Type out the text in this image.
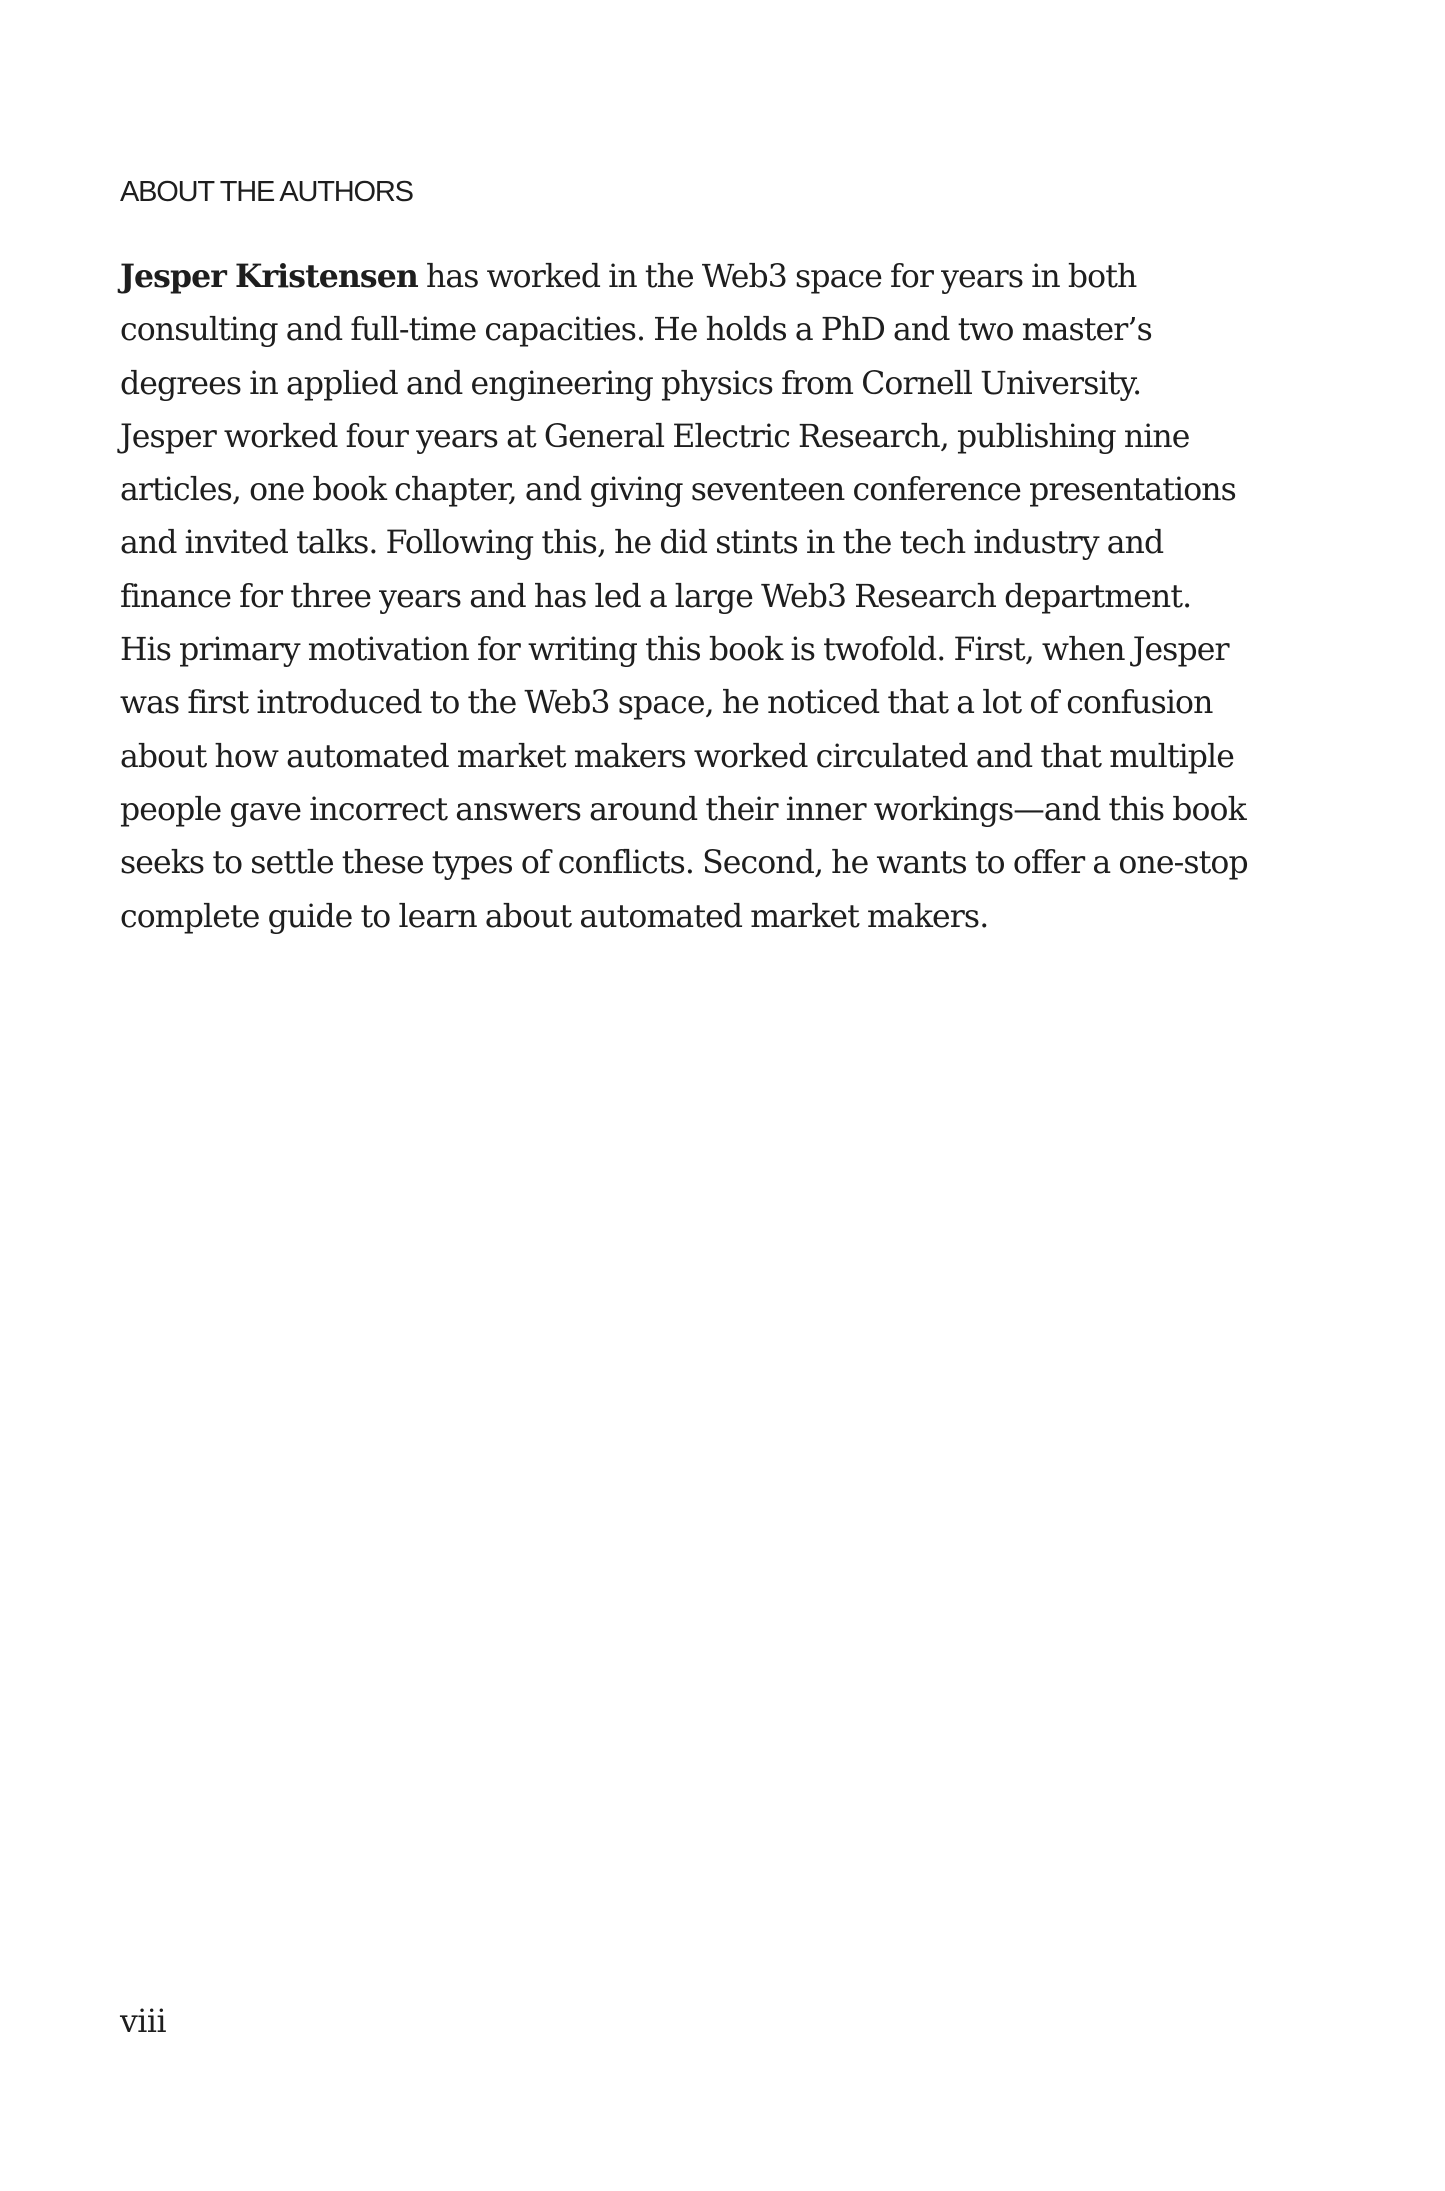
ABOUT THE AUTHORS

Jesper Kristensen has worked in the Web3 space for years in both
consulting and full-time capacities. He holds a PhD and two master’s
degrees in applied and engineering physics from Cornell University.
Jesper worked four years at General Electric Research, publishing nine
articles, one book chapter, and giving seventeen conference presentations
and invited talks. Following this, he did stints in the tech industry and
finance for three years and has led a large Web3 Research department.
His primary motivation for writing this book is twofold. First, when Jesper
was first introduced to the Web3 space, he noticed that a lot of confusion
about how automated market makers worked circulated and that multiple
people gave incorrect answers around their inner workings—and this book
seeks to settle these types of conflicts. Second, he wants to offer a one-stop
complete guide to learn about automated market makers.

viii
